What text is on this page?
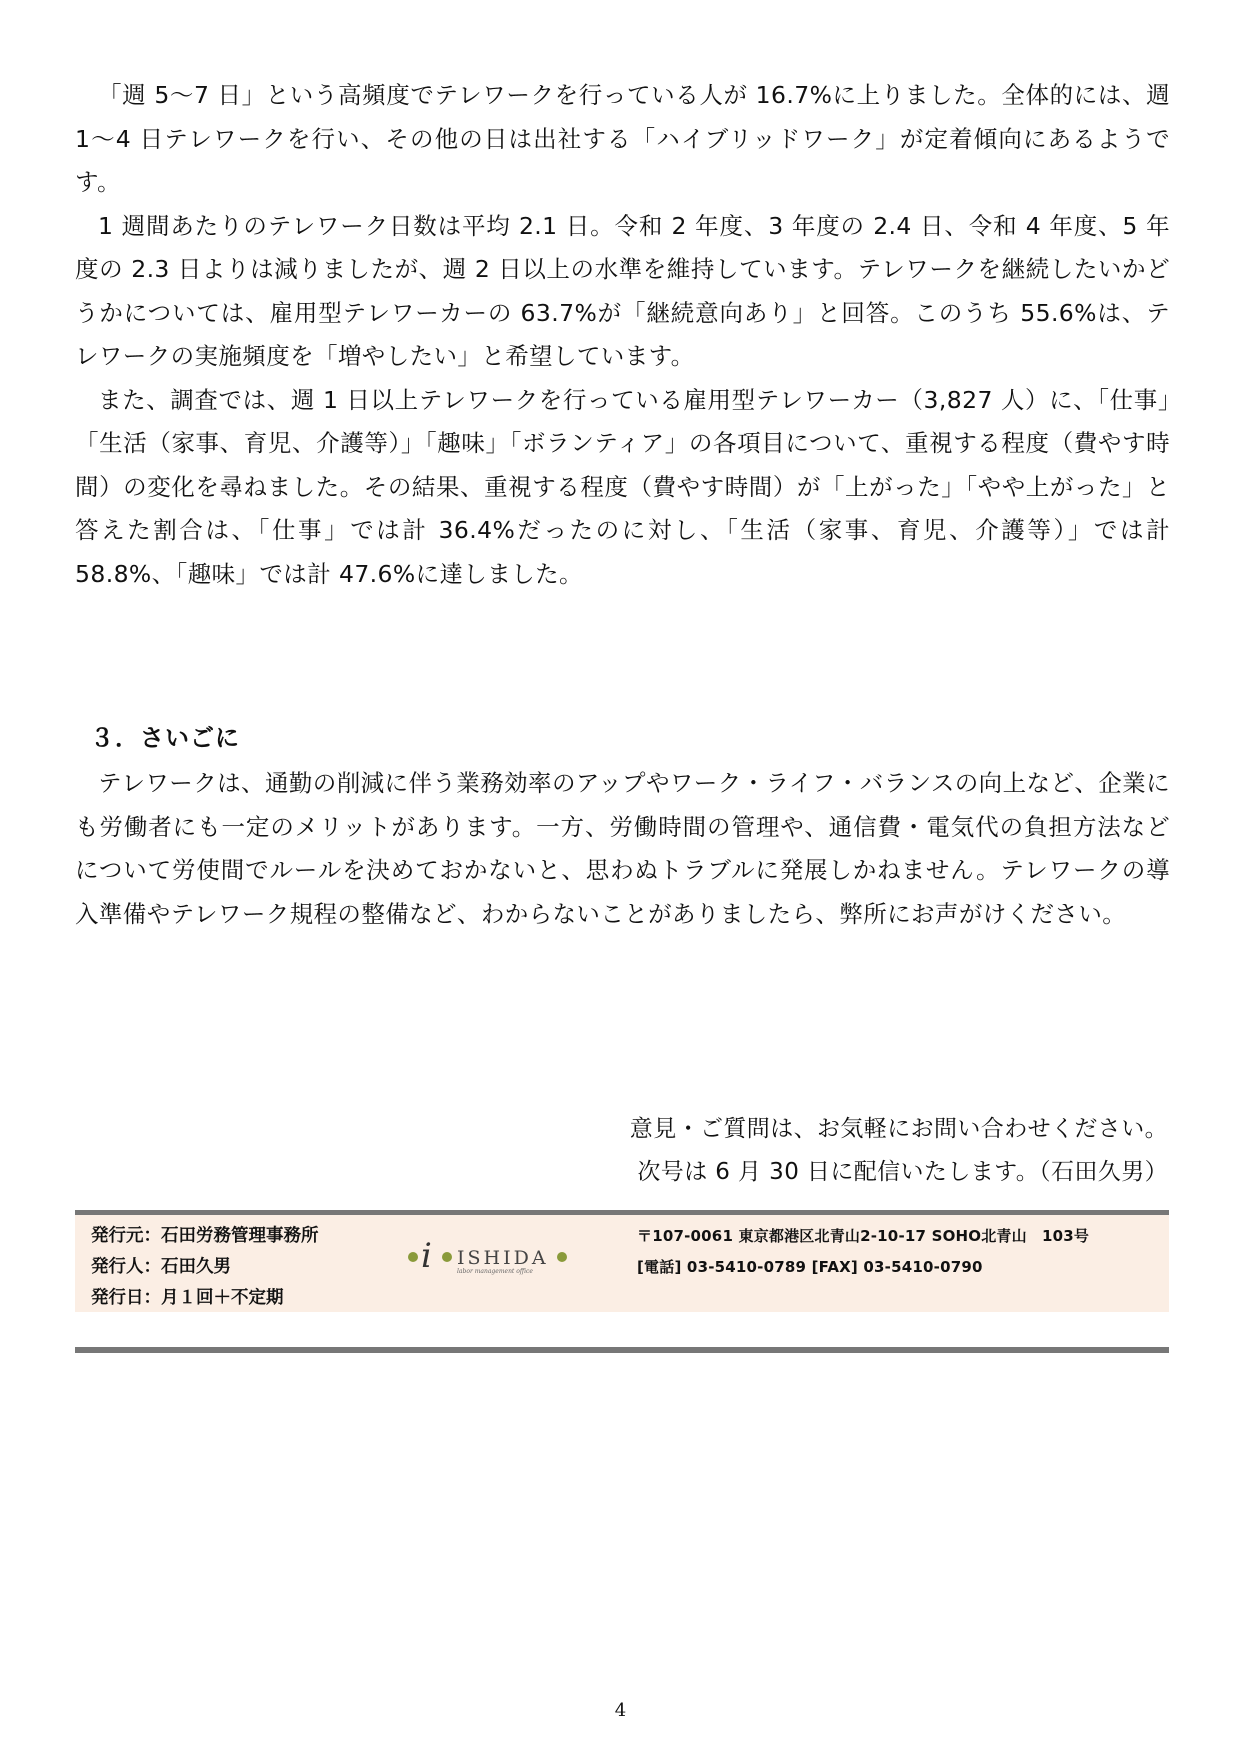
「週 5～7 日」という高頻度でテレワークを行っている人が 16.7%に上りました。全体的には、週 1～4 日テレワークを行い、その他の日は出社する「ハイブリッドワーク」が定着傾向にあるようです。

1 週間あたりのテレワーク日数は平均 2.1 日。令和 2 年度、3 年度の 2.4 日、令和 4 年度、5 年度の 2.3 日よりは減りましたが、週 2 日以上の水準を維持しています。テレワークを継続したいかどうかについては、雇用型テレワーカーの 63.7%が「継続意向あり」と回答。このうち 55.6%は、テレワークの実施頻度を「増やしたい」と希望しています。

また、調査では、週 1 日以上テレワークを行っている雇用型テレワーカー（3,827 人）に、「仕事」「生活（家事、育児、介護等）」「趣味」「ボランティア」の各項目について、重視する程度（費やす時間）の変化を尋ねました。その結果、重視する程度（費やす時間）が「上がった」「やや上がった」と答えた割合は、「仕事」では計 36.4%だったのに対し、「生活（家事、育児、介護等）」では計 58.8%、「趣味」では計 47.6%に達しました。

３．さいごに

テレワークは、通勤の削減に伴う業務効率のアップやワーク・ライフ・バランスの向上など、企業にも労働者にも一定のメリットがあります。一方、労働時間の管理や、通信費・電気代の負担方法などについて労使間でルールを決めておかないと、思わぬトラブルに発展しかねません。テレワークの導入準備やテレワーク規程の整備など、わからないことがありましたら、弊所にお声がけください。

意見・ご質問は、お気軽にお問い合わせください。
次号は 6 月 30 日に配信いたします。（石田久男）
発行元：石田労務管理事務所
発行人：石田久男
発行日：月１回＋不定期
i ISHIDA
labor management office
〒107-0061 東京都港区北青山2-10-17 SOHO北青山　103号
[電話] 03-5410-0789 [FAX] 03-5410-0790
4
